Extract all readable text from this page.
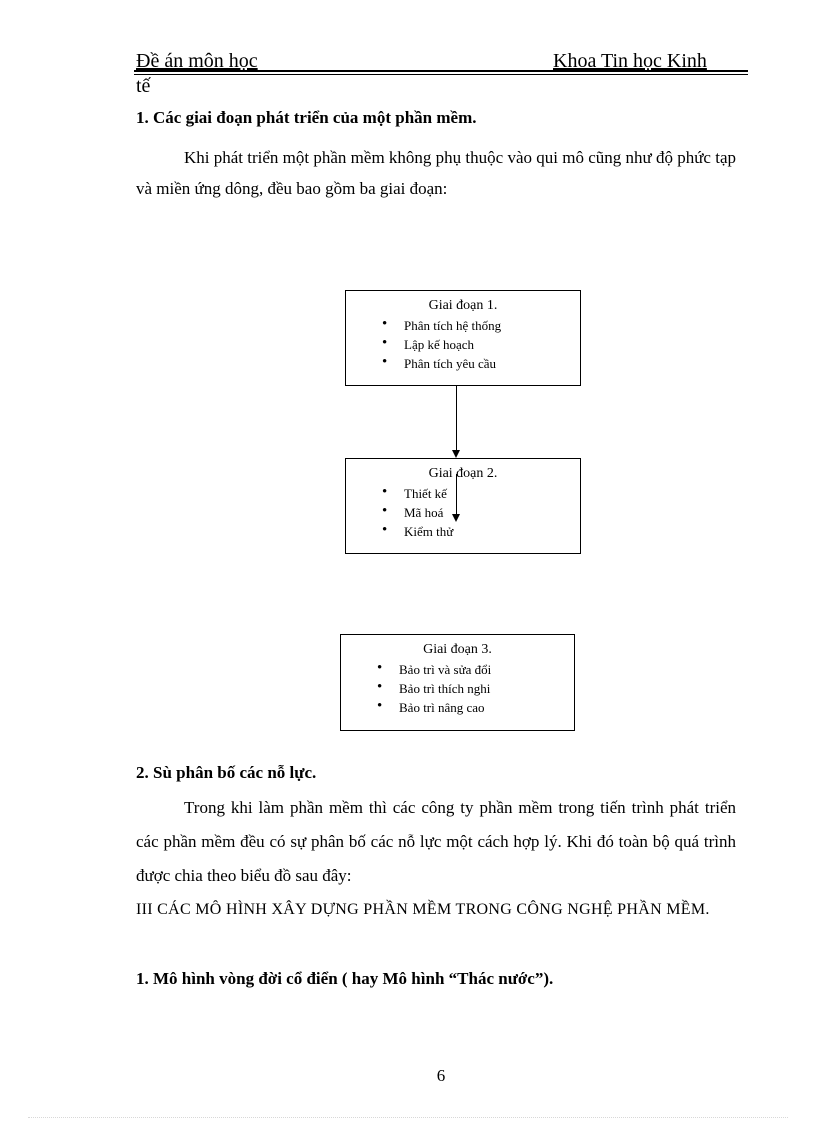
Đề án môn học	Khoa Tin học Kinh
tế
1. Các giai đoạn phát triển của một phần mềm.
Khi phát triển một phần mềm không phụ thuộc vào qui mô cũng như độ phức tạp và miền ứng dông, đều bao gồm ba giai đoạn:
Giai đoạn 1.
• Phân tích hệ thống
• Lập kế hoạch
• Phân tích yêu cầu
Giai đoạn 2.
• Thiết kế
• Mã hoá
• Kiểm thử
Giai đoạn 3.
• Bảo trì và sửa đổi
• Bảo trì thích nghi
• Bảo trì nâng cao
2. Sù phân bố các nỗ lực.
Trong khi làm phần mềm thì các công ty phần mềm trong tiến trình phát triển các phần mềm đều có sự phân bố các nỗ lực một cách hợp lý. Khi đó toàn bộ quá trình được chia theo biểu đồ sau đây:
III CÁC MÔ HÌNH XÂY DỰNG PHẦN MỀM TRONG CÔNG NGHỆ PHẦN MỀM.
1. Mô hình vòng đời cổ điển ( hay Mô hình “Thác nước”).
6
